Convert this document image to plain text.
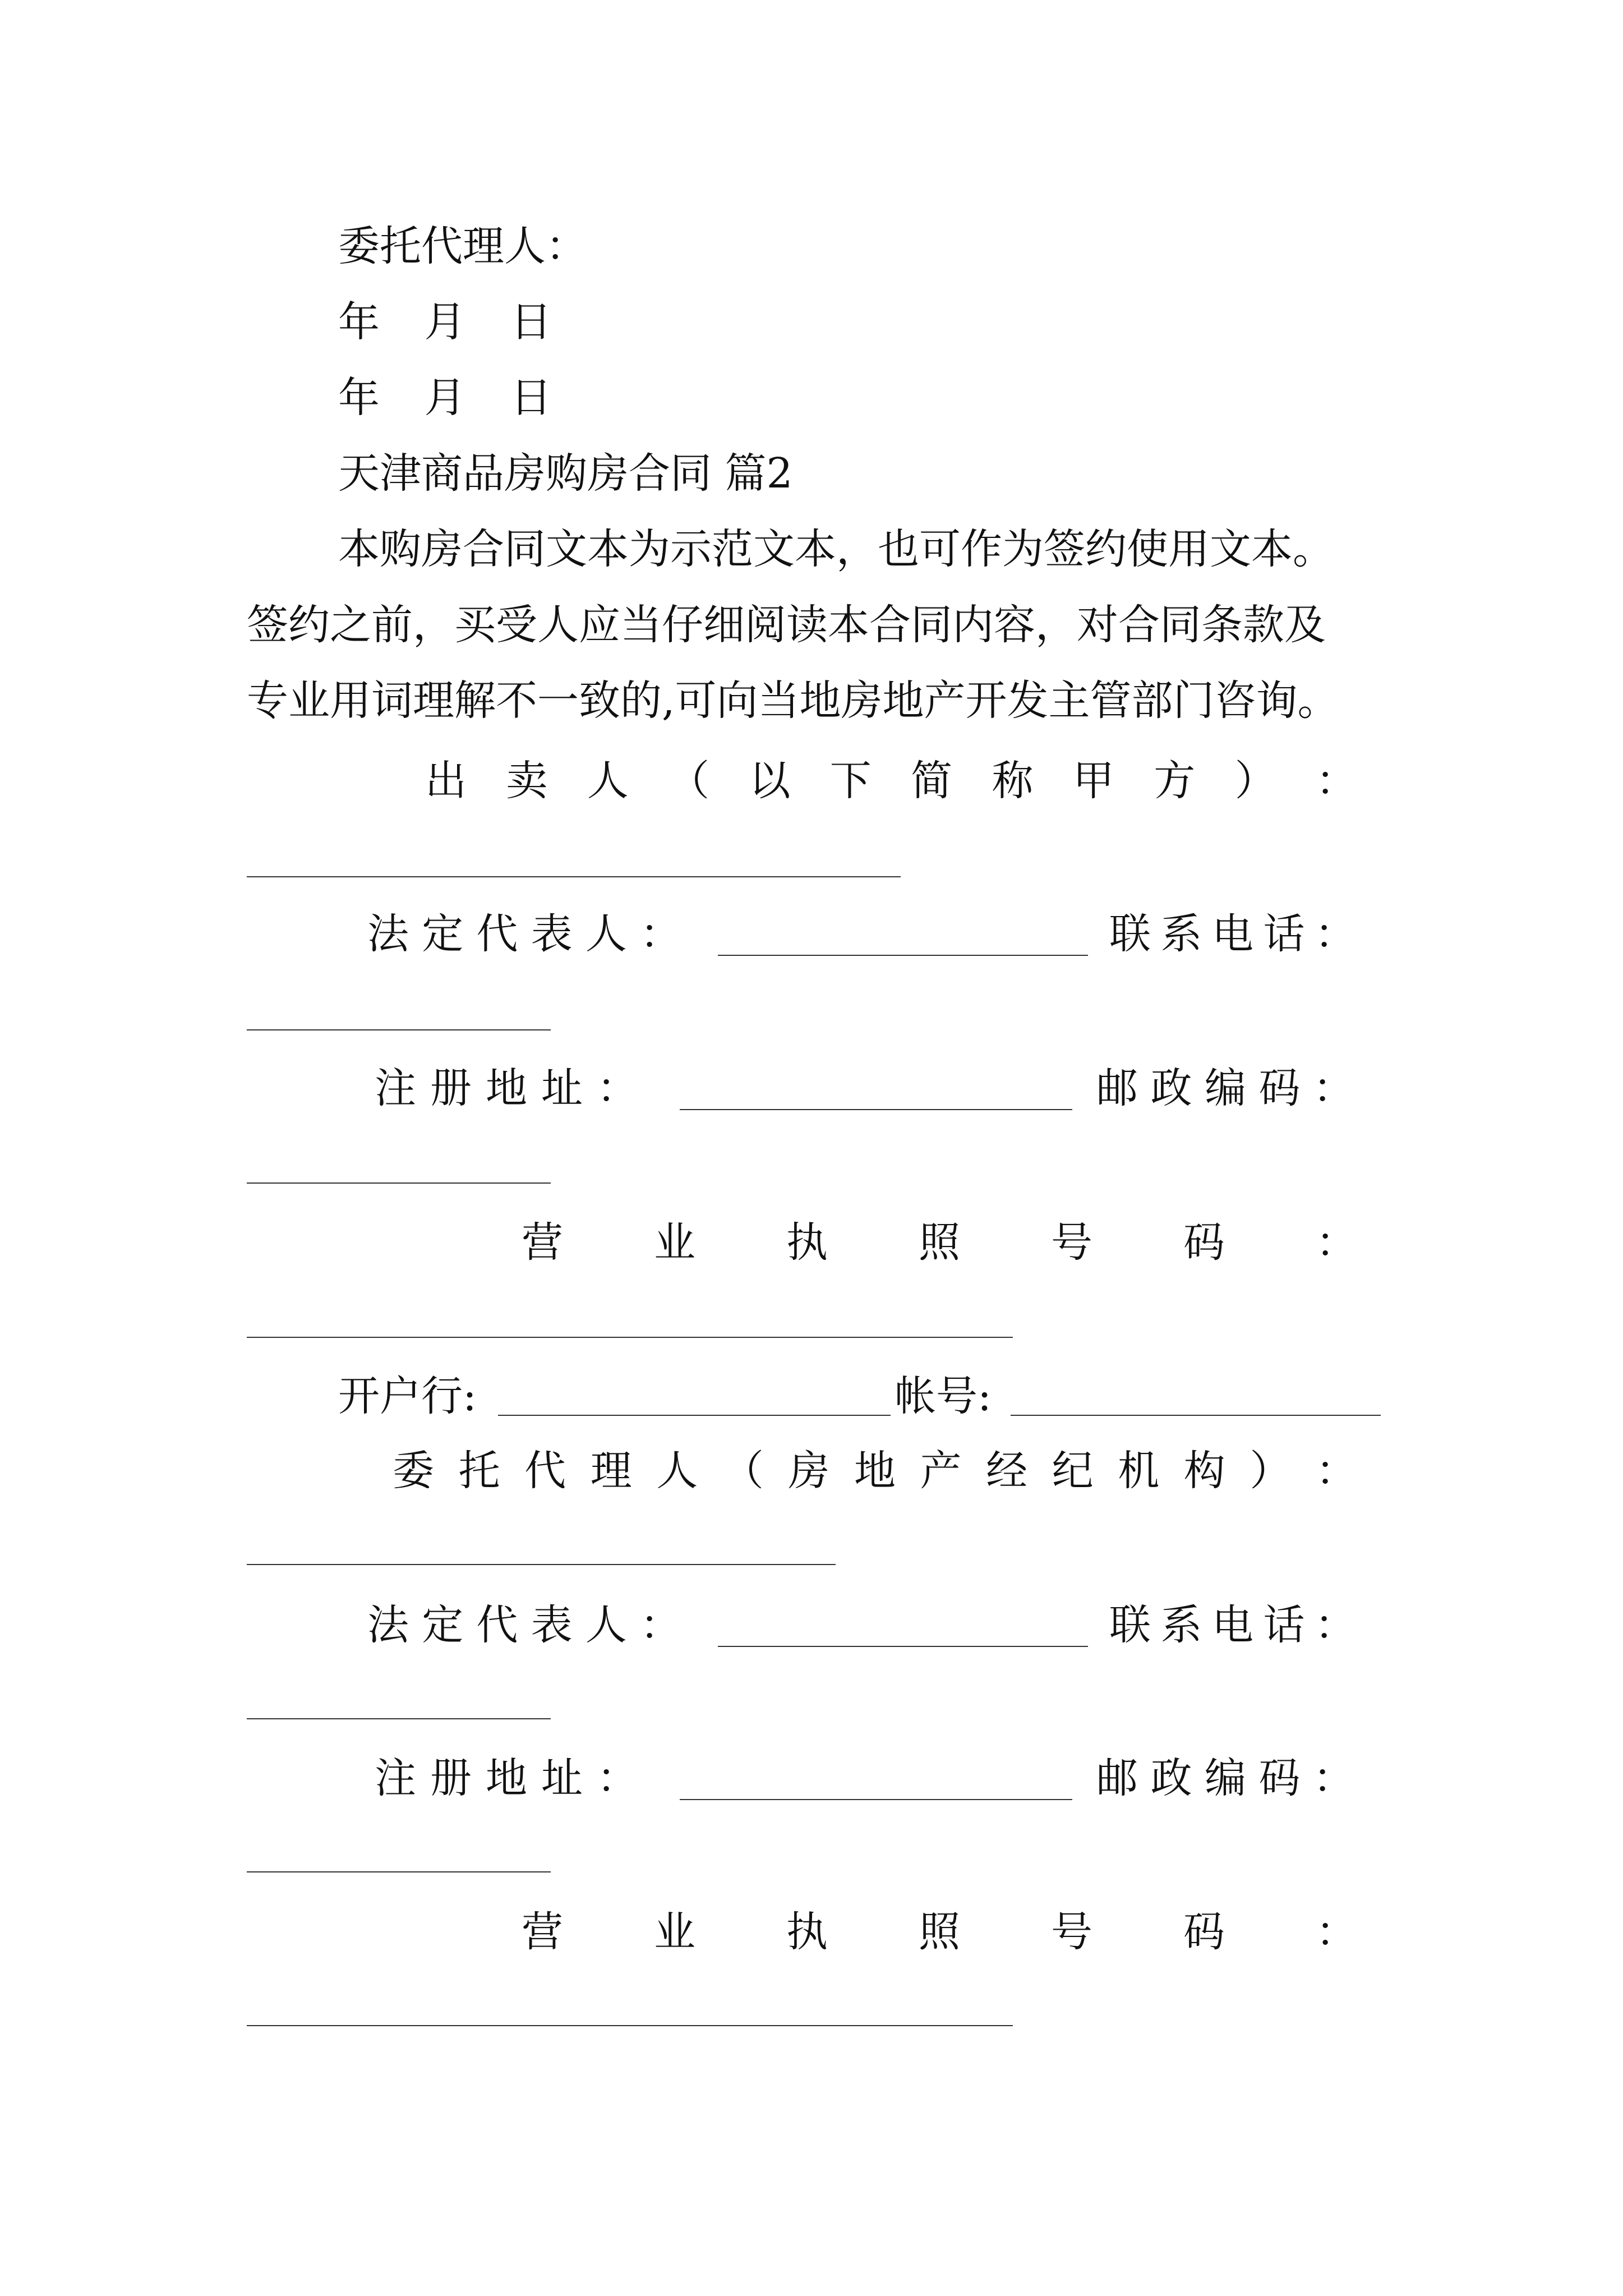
委托代理人：
年 月 日
年 月 日
天津商品房购房合同 篇2
本购房合同文本为示范文本，也可作为签约使用文本。
签约之前，买受人应当仔细阅读本合同内容，对合同条款及
专业用词理解不一致的,可向当地房地产开发主管部门咨询。
出 卖 人 （ 以 下 简 称 甲 方 ） ：
法 定 代 表 人 ：	联 系 电 话 ：
注 册 地 址 ：	邮 政 编 码 ：
营 业 执 照 号 码 ：
开户行:	帐号:
委 托 代 理 人 （ 房 地 产 经 纪 机 构 ） ：
法 定 代 表 人 ：	联 系 电 话 ：
注 册 地 址 ：	邮 政 编 码 ：
营 业 执 照 号 码 ：
